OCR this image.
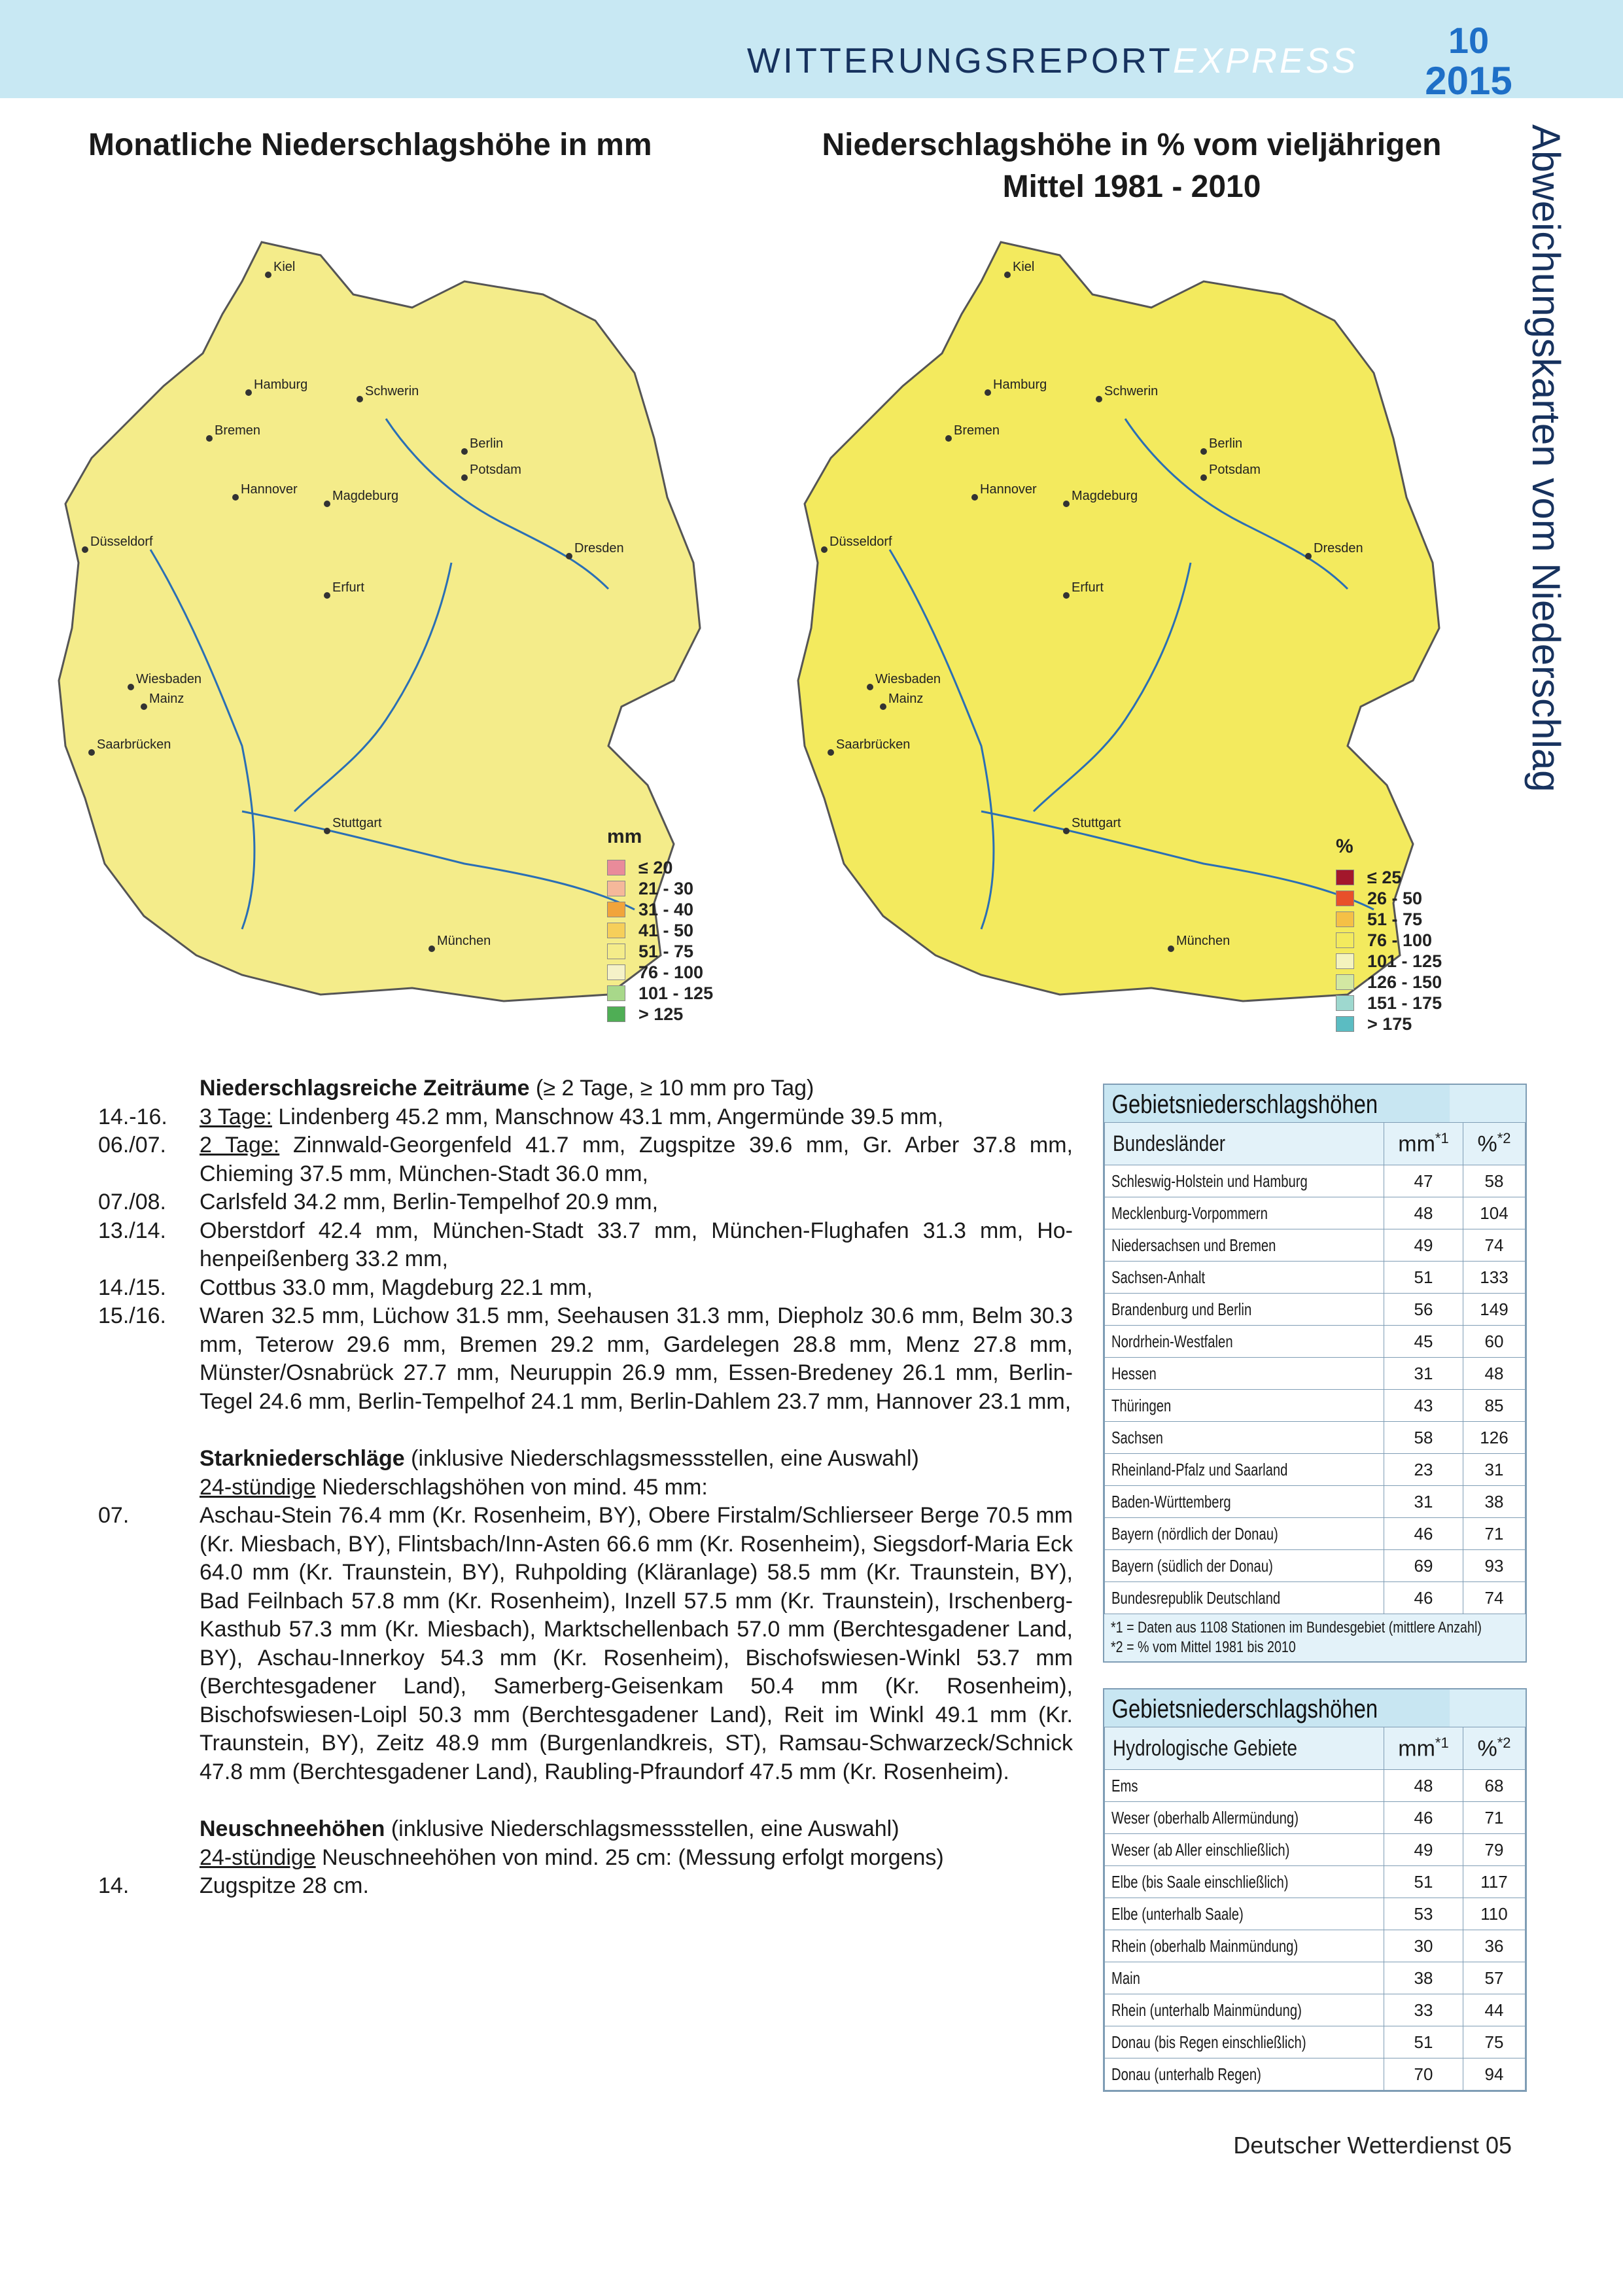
WITTERUNGSREPORTEXPRESS	10
2015
Abweichungskarten vom Niederschlag
Monatliche Niederschlagshöhe in mm	Niederschlagshöhe in % vom vieljährigen Mittel 1981 - 2010
Kiel
Hamburg	Schwerin
Bremen
Berlin
Potsdam
Hannover	Magdeburg
Düsseldorf	Dresden
Erfurt
Wiesbaden
Mainz
Saarbrücken
Stuttgart
München
mm
≤ 20
21 - 30
31 - 40
41 - 50
51 - 75
76 - 100
101 - 125
> 125
Kiel
Hamburg	Schwerin
Bremen
Berlin
Potsdam
Hannover	Magdeburg
Düsseldorf	Dresden
Erfurt
Wiesbaden
Mainz
Saarbrücken
Stuttgart
München
%
≤ 25
26 - 50
51 - 75
76 - 100
101 - 125
126 - 150
151 - 175
> 175
Niederschlagsreiche Zeiträume (≥ 2 Tage, ≥ 10 mm pro Tag)
14.-16.	3 Tage: Lindenberg 45.2 mm, Manschnow 43.1 mm, Angermünde 39.5 mm,
06./07.	2 Tage: Zinnwald-Georgenfeld 41.7 mm, Zugspitze 39.6 mm, Gr. Arber 37.8 mm, Chieming 37.5 mm, München-Stadt 36.0 mm,
07./08.	Carlsfeld 34.2 mm, Berlin-Tempelhof 20.9 mm,
13./14.	Oberstdorf 42.4 mm, München-Stadt 33.7 mm, München-Flughafen 31.3 mm, Hohenpeißenberg 33.2 mm,
14./15.	Cottbus 33.0 mm, Magdeburg 22.1 mm,
15./16.	Waren 32.5 mm, Lüchow 31.5 mm, Seehausen 31.3 mm, Diepholz 30.6 mm, Belm 30.3 mm, Teterow 29.6 mm, Bremen 29.2 mm, Gardelegen 28.8 mm, Menz 27.8 mm, Münster/Osnabrück 27.7 mm, Neuruppin 26.9 mm, Essen-Bredeney 26.1 mm, Berlin-Tegel 24.6 mm, Berlin-Tempelhof 24.1 mm, Berlin-Dahlem 23.7 mm, Hannover 23.1 mm,
Starkniederschläge (inklusive Niederschlagsmessstellen, eine Auswahl)
24-stündige Niederschlagshöhen von mind. 45 mm:
07.	Aschau-Stein 76.4 mm (Kr. Rosenheim, BY), Obere Firstalm/Schlierseer Berge 70.5 mm (Kr. Miesbach, BY), Flintsbach/Inn-Asten 66.6 mm (Kr. Rosenheim), Siegsdorf-Maria Eck 64.0 mm (Kr. Traunstein, BY), Ruhpolding (Kläranlage) 58.5 mm (Kr. Traunstein, BY), Bad Feilnbach 57.8 mm (Kr. Rosenheim), Inzell 57.5 mm (Kr. Traunstein), Irschenberg-Kasthub 57.3 mm (Kr. Miesbach), Marktschellenbach 57.0 mm (Berchtesgadener Land, BY), Aschau-Innerkoy 54.3 mm (Kr. Rosenheim), Bischofswiesen-Winkl 53.7 mm (Berchtesgadener Land), Samerberg-Geisenkam 50.4 mm (Kr. Rosenheim), Bischofswiesen-Loipl 50.3 mm (Berchtesgadener Land), Reit im Winkl 49.1 mm (Kr. Traunstein, BY), Zeitz 48.9 mm (Burgenlandkreis, ST), Ramsau-Schwarzeck/Schnick 47.8 mm (Berchtesgadener Land), Raubling-Pfraundorf 47.5 mm (Kr. Rosenheim).
Neuschneehöhen (inklusive Niederschlagsmessstellen, eine Auswahl)
24-stündige Neuschneehöhen von mind. 25 cm: (Messung erfolgt morgens)
14.	Zugspitze 28 cm.
Gebietsniederschlagshöhen
Bundesländer	$mm^{*1}$	%$^{*2}$
Schleswig-Holstein und Hamburg	47	58
Mecklenburg-Vorpommern	48	104
Niedersachsen und Bremen	49	74
Sachsen-Anhalt	51	133
Brandenburg und Berlin	56	149
Nordrhein-Westfalen	45	60
Hessen	31	48
Thüringen	43	85
Sachsen	58	126
Rheinland-Pfalz und Saarland	23	31
Baden-Württemberg	31	38
Bayern (nördlich der Donau)	46	71
Bayern (südlich der Donau)	69	93
Bundesrepublik Deutschland	46	74
*1 = Daten aus 1108 Stationen im Bundesgebiet (mittlere Anzahl)
*2 = % vom Mittel 1981 bis 2010
Gebietsniederschlagshöhen
Hydrologische Gebiete	$mm^{*1}$	%$^{*2}$
Ems	48	68
Weser (oberhalb Allermündung)	46	71
Weser (ab Aller einschließlich)	49	79
Elbe (bis Saale einschließlich)	51	117
Elbe (unterhalb Saale)	53	110
Rhein (oberhalb Mainmündung)	30	36
Main	38	57
Rhein (unterhalb Mainmündung)	33	44
Donau (bis Regen einschließlich)	51	75
Donau (unterhalb Regen)	70	94
Deutscher Wetterdienst 05
